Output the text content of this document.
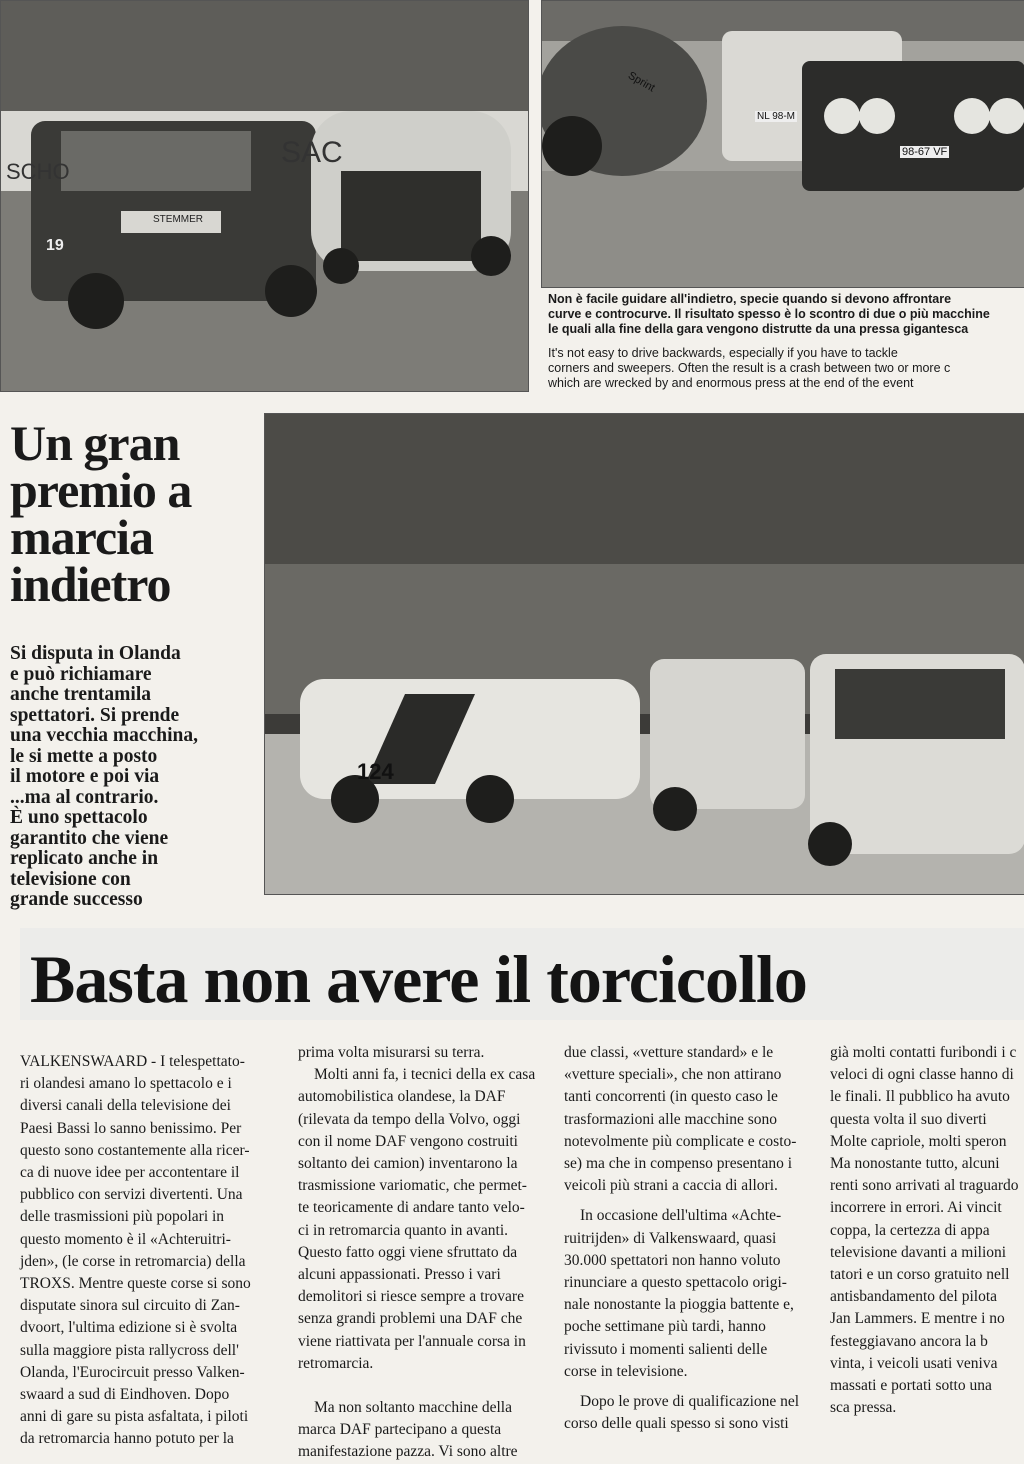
SCHO
SAC
19
STEMMER
98-67 VF
NL 98-M
Sprint
Non è facile guidare all'indietro, specie quando si devono affrontare
curve e controcurve. Il risultato spesso è lo scontro di due o più macchine
le quali alla fine della gara vengono distrutte da una pressa gigantesca
It's not easy to drive backwards, especially if you have to tackle
corners and sweepers. Often the result is a crash between two or more c
which are wrecked by and enormous press at the end of the event
Un gran
premio a
marcia
indietro
Si disputa in Olanda
e può richiamare
anche trentamila
spettatori. Si prende
una vecchia macchina,
le si mette a posto
il motore e poi via
...ma al contrario.
È uno spettacolo
garantito che viene
replicato anche in
televisione con
grande successo
124
Basta non avere il torcicollo

VALKENSWAARD - I telespettato-
ri olandesi amano lo spettacolo e i
diversi canali della televisione dei
Paesi Bassi lo sanno benissimo. Per
questo sono costantemente alla ricer-
ca di nuove idee per accontentare il
pubblico con servizi divertenti. Una
delle trasmissioni più popolari in
questo momento è il «Achteruitri-
jden», (le corse in retromarcia) della
TROXS. Mentre queste corse si sono
disputate sinora sul circuito di Zan-
dvoort, l'ultima edizione si è svolta
sulla maggiore pista rallycross dell'
Olanda, l'Eurocircuit presso Valken-
swaard a sud di Eindhoven. Dopo
anni di gare su pista asfaltata, i piloti
da retromarcia hanno potuto per la

prima volta misurarsi su terra.

Molti anni fa, i tecnici della ex casa
automobilistica olandese, la DAF
(rilevata da tempo della Volvo, oggi
con il nome DAF vengono costruiti
soltanto dei camion) inventarono la
trasmissione variomatic, che permet-
te teoricamente di andare tanto velo-
ci in retromarcia quanto in avanti.
Questo fatto oggi viene sfruttato da
alcuni appassionati. Presso i vari
demolitori si riesce sempre a trovare
senza grandi problemi una DAF che
viene riattivata per l'annuale corsa in
retromarcia.

Ma non soltanto macchine della
marca DAF partecipano a questa
manifestazione pazza. Vi sono altre

due classi, «vetture standard» e le
«vetture speciali», che non attirano
tanti concorrenti (in questo caso le
trasformazioni alle macchine sono
notevolmente più complicate e costo-
se) ma che in compenso presentano i
veicoli più strani a caccia di allori.

In occasione dell'ultima «Achte-
ruitrijden» di Valkenswaard, quasi
30.000 spettatori non hanno voluto
rinunciare a questo spettacolo origi-
nale nonostante la pioggia battente e,
poche settimane più tardi, hanno
rivissuto i momenti salienti delle
corse in televisione.

Dopo le prove di qualificazione nel
corso delle quali spesso si sono visti

già molti contatti furibondi i c
veloci di ogni classe hanno di
le finali. Il pubblico ha avuto
questa volta il suo diverti
Molte capriole, molti speron
Ma nonostante tutto, alcuni
renti sono arrivati al traguardo
incorrere in errori. Ai vincit
coppa, la certezza di appa
televisione davanti a milioni
tatori e un corso gratuito nell
antisbandamento del pilota
Jan Lammers. E mentre i no
festeggiavano ancora la b
vinta, i veicoli usati veniva
massati e portati sotto una
sca pressa.
